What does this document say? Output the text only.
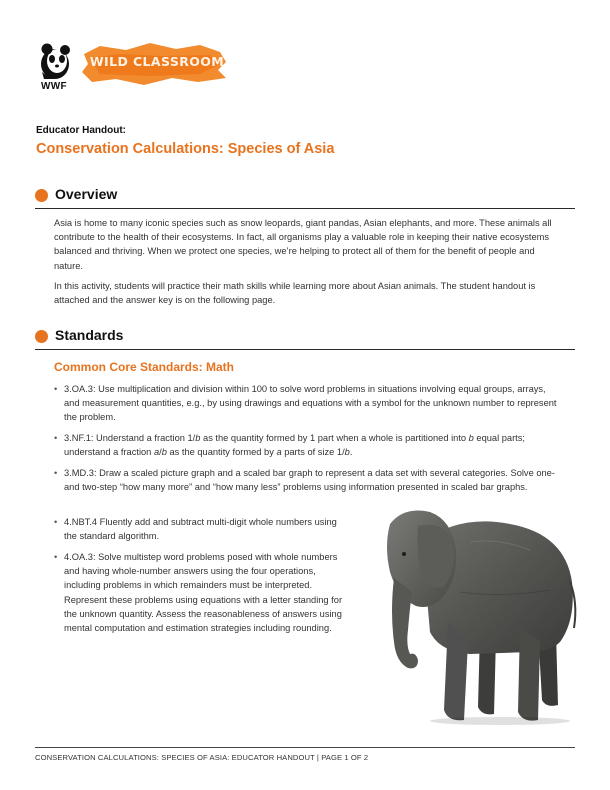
WWF
WILD CLASSROOM
Educator Handout:
Conservation Calculations: Species of Asia
Overview
Asia is home to many iconic species such as snow leopards, giant pandas, Asian elephants, and more. These animals all contribute to the health of their ecosystems. In fact, all organisms play a valuable role in keeping their native ecosystems balanced and thriving. When we protect one species, we’re helping to protect all of them for the benefit of people and nature.
In this activity, students will practice their math skills while learning more about Asian animals. The student handout is attached and the answer key is on the following page.
Standards
Common Core Standards: Math
• 3.OA.3: Use multiplication and division within 100 to solve word problems in situations involving equal groups, arrays, and measurement quantities, e.g., by using drawings and equations with a symbol for the unknown number to represent the problem.
• 3.NF.1: Understand a fraction 1/b as the quantity formed by 1 part when a whole is partitioned into b equal parts; understand a fraction a/b as the quantity formed by a parts of size 1/b.
• 3.MD.3: Draw a scaled picture graph and a scaled bar graph to represent a data set with several categories. Solve one- and two-step “how many more” and “how many less” problems using information presented in scaled bar graphs.
• 4.NBT.4 Fluently add and subtract multi-digit whole numbers using the standard algorithm.
• 4.OA.3: Solve multistep word problems posed with whole numbers and having whole-number answers using the four operations, including problems in which remainders must be interpreted. Represent these problems using equations with a letter standing for the unknown quantity. Assess the reasonableness of answers using mental computation and estimation strategies including rounding.
CONSERVATION CALCULATIONS: SPECIES OF ASIA: EDUCATOR HANDOUT | PAGE 1 OF 2
